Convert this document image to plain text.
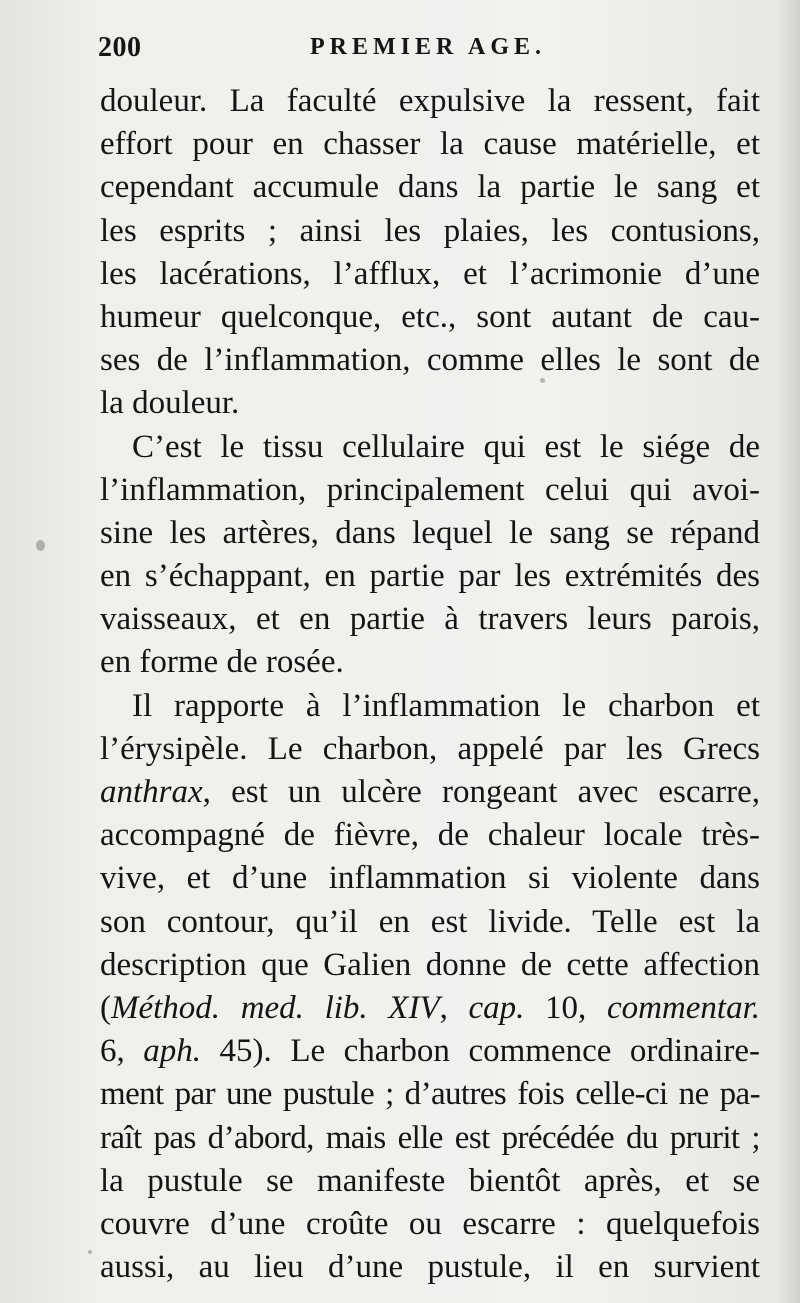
200	PREMIER AGE.
douleur. La faculté expulsive la ressent, fait
effort pour en chasser la cause matérielle, et
cependant accumule dans la partie le sang et
les esprits ; ainsi les plaies, les contusions,
les lacérations, l’afflux, et l’acrimonie d’une
humeur quelconque, etc., sont autant de cau-
ses de l’inflammation, comme elles le sont de
la douleur.
C’est le tissu cellulaire qui est le siége de
l’inflammation, principalement celui qui avoi-
sine les artères, dans lequel le sang se répand
en s’échappant, en partie par les extrémités des
vaisseaux, et en partie à travers leurs parois,
en forme de rosée.
Il rapporte à l’inflammation le charbon et
l’érysipèle. Le charbon, appelé par les Grecs
anthrax, est un ulcère rongeant avec escarre,
accompagné de fièvre, de chaleur locale très-
vive, et d’une inflammation si violente dans
son contour, qu’il en est livide. Telle est la
description que Galien donne de cette affection
(Méthod. med. lib. XIV, cap. 10, commentar.
6, aph. 45). Le charbon commence ordinaire-
ment par une pustule ; d’autres fois celle-ci ne pa-
raît pas d’abord, mais elle est précédée du prurit ;
la pustule se manifeste bientôt après, et se
couvre d’une croûte ou escarre : quelquefois
aussi, au lieu d’une pustule, il en survient
